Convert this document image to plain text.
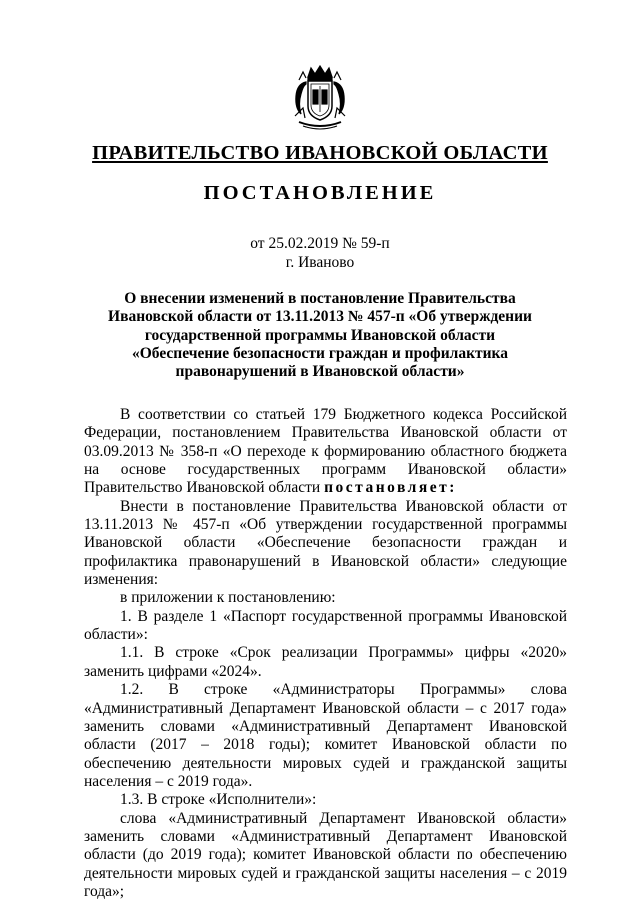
ПРАВИТЕЛЬСТВО ИВАНОВСКОЙ ОБЛАСТИ
ПОСТАНОВЛЕНИЕ
от 25.02.2019 № 59-п
г. Иваново
О внесении изменений в постановление Правительства
Ивановской области от 13.11.2013 № 457-п «Об утверждении
государственной программы Ивановской области
«Обеспечение безопасности граждан и профилактика
правонарушений в Ивановской области»

В соответствии со статьей 179 Бюджетного кодекса Российской Федерации, постановлением Правительства Ивановской области от 03.09.2013 № 358-п «О переходе к формированию областного бюджета на основе государственных программ Ивановской области» Правительство Ивановской области постановляет:

Внести в постановление Правительства Ивановской области от 13.11.2013 № 457-п «Об утверждении государственной программы Ивановской области «Обеспечение безопасности граждан и профилактика правонарушений в Ивановской области» следующие изменения:

в приложении к постановлению:

1. В разделе 1 «Паспорт государственной программы Ивановской области»:

1.1. В строке «Срок реализации Программы» цифры «2020» заменить цифрами «2024».

1.2. В строке «Администраторы Программы» слова «Административный Департамент Ивановской области – с 2017 года» заменить словами «Административный Департамент Ивановской области (2017 – 2018 годы); комитет Ивановской области по обеспечению деятельности мировых судей и гражданской защиты населения – с 2019 года».

1.3. В строке «Исполнители»:

слова «Административный Департамент Ивановской области» заменить словами «Административный Департамент Ивановской области (до 2019 года); комитет Ивановской области по обеспечению деятельности мировых судей и гражданской защиты населения – с 2019 года»;
